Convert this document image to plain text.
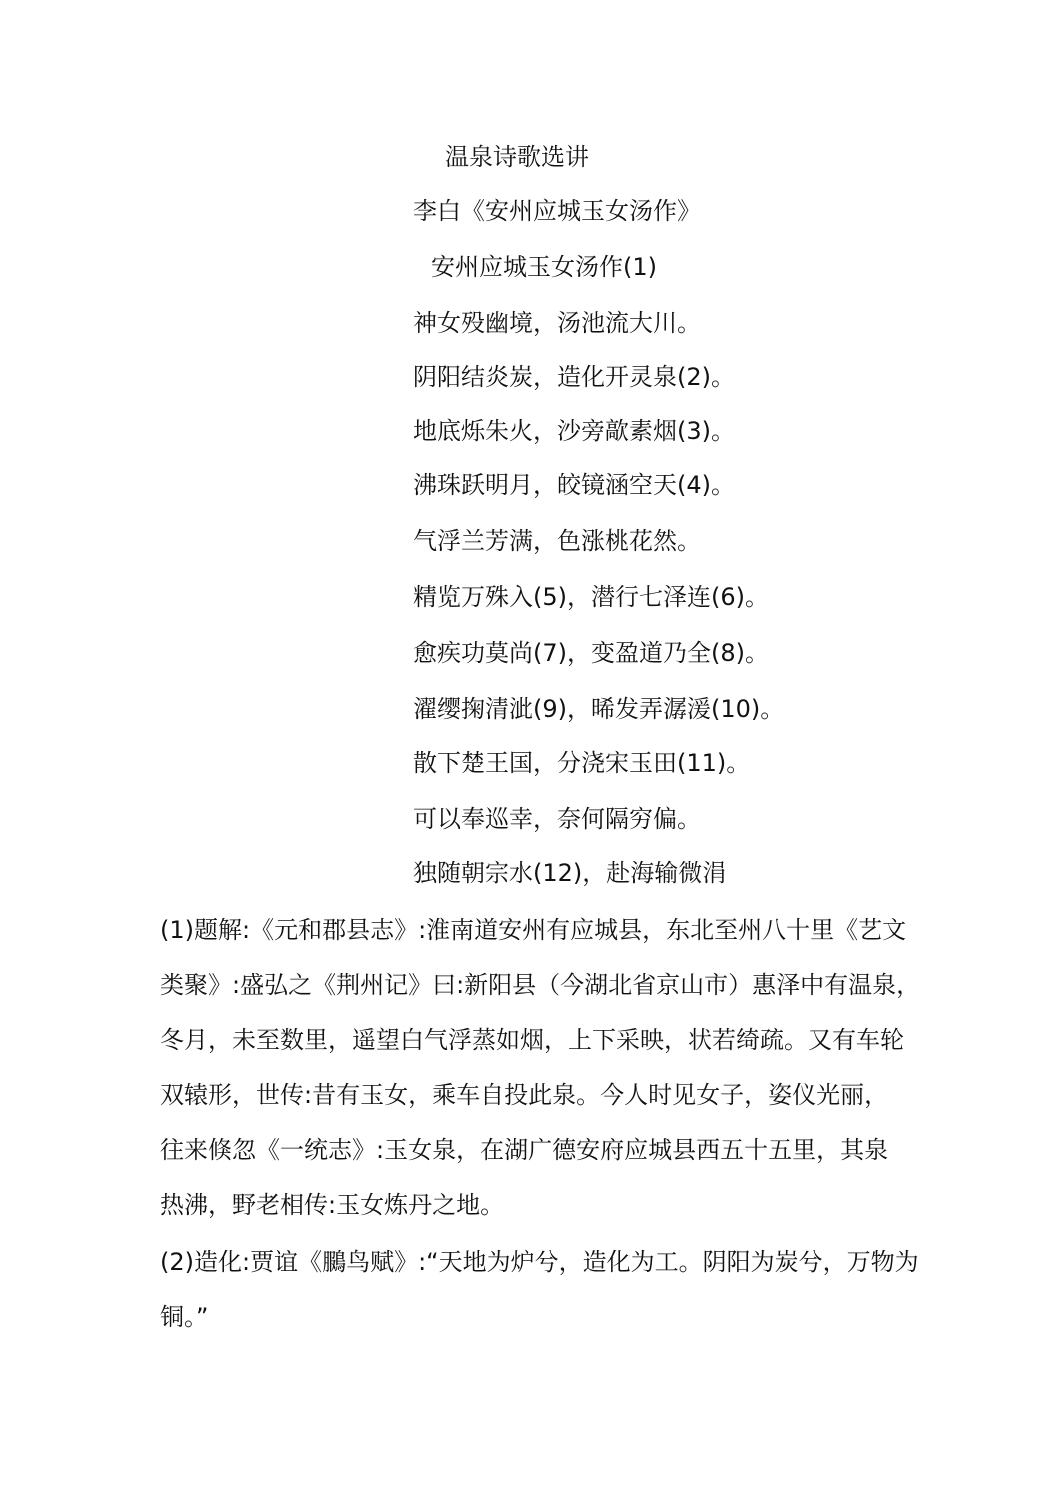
温泉诗歌选讲
李白《安州应城玉女汤作》
安州应城玉女汤作(1)
神女殁幽境，汤池流大川。
阴阳结炎炭，造化开灵泉(2)。
地底烁朱火，沙旁歊素烟(3)。
沸珠跃明月，皎镜涵空天(4)。
气浮兰芳满，色涨桃花然。
精览万殊入(5)，潜行七泽连(6)。
愈疾功莫尚(7)，变盈道乃全(8)。
濯缨掬清泚(9)，晞发弄潺湲(10)。
散下楚王国，分浇宋玉田(11)。
可以奉巡幸，奈何隔穷偏。
独随朝宗水(12)，赴海输微涓
(1)题解:《元和郡县志》:淮南道安州有应城县，东北至州八十里《艺文
类聚》:盛弘之《荆州记》曰:新阳县（今湖北省京山市）惠泽中有温泉，
冬月，未至数里，遥望白气浮蒸如烟，上下采映，状若绮疏。又有车轮
双辕形，世传:昔有玉女，乘车自投此泉。今人时见女子，姿仪光丽，
往来倏忽《一统志》:玉女泉，在湖广德安府应城县西五十五里，其泉
热沸，野老相传:玉女炼丹之地。
(2)造化:贾谊《鵩鸟赋》:“天地为炉兮，造化为工。阴阳为炭兮，万物为
铜。”
